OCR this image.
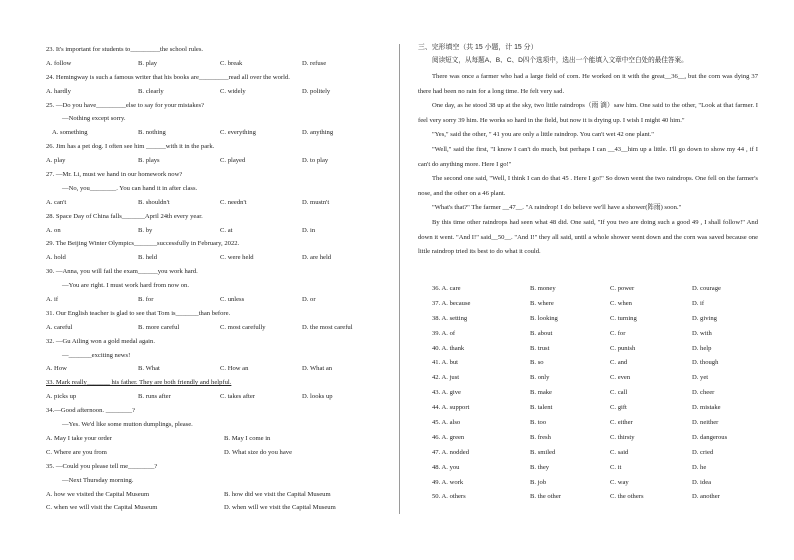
23. It's important for students to_________the school rules.
A. follow	B. play	C. break	D. refuse
24. Hemingway is such a famous writer that his books are_________read all over the world.
A. hardly	B. clearly	C. widely	D. politely
25. —Do you have_________else to say for your mistakes?
—Nothing except sorry.
A. something	B. nothing	C. everything	D. anything
26. Jim has a pet dog. I often see him ______with it in the park.
A. play	B. plays	C. played	D. to play
27. —Mr. Li, must we hand in our homework now?
—No, you________. You can hand it in after class.
A. can't	B. shouldn't	C. needn't	D. mustn't
28. Space Day of China falls_______April 24th every year.
A. on	B. by	C. at	D. in
29. The Beijing Winter Olympics_______successfully in February, 2022.
A. hold	B. held	C. were held	D. are held
30. —Anna, you will fail the exam______you work hard.
—You are right. I must work hard from now on.
A. if	B. for	C. unless	D. or
31. Our English teacher is glad to see that Tom is_______than before.
A. careful	B. more careful	C. most carefully	D. the most careful
32. —Gu Ailing won a gold medal again.
—_______exciting news!
A. How	B. What	C. How an	D. What an
33. Mark really_______ his father. They are both friendly and helpful.
A. picks up	B. runs after	C. takes after	D. looks up
34.—Good afternoon. ________?
—Yes. We'd like some mutton dumplings, please.
A. May I take your order	B. May I come in
C. Where are you from	D. What size do you have
35. —Could you please tell me________?
—Next Thursday morning.
A. how we visited the Capital Museum	B. how did we visit the Capital Museum
C. when we will visit the Capital Museum	D. when will we visit the Capital Museum
三、完形填空（共 15 小题，计 15 分）
阅读短文，从每题A、B、C、D四个选项中，选出一个能填入文章中空白处的最佳答案。

There was once a farmer who had a large field of corn. He worked on it with the great__36__, but the corn was dying 37 there had been no rain for a long time. He felt very sad.

One day, as he stood 38 up at the sky, two little raindrops（雨 滴）saw him. One said to the other, "Look at that farmer. I feel very sorry 39 him. He works so hard in the field, but now it is drying up. I wish I might 40 him."

"Yes," said the other, " 41 you are only a little raindrop. You can't wet 42 one plant."

"Well," said the first, "I know I can't do much, but perhaps I can __43__him up a little. I'll go down to show my 44 , if I can't do anything more. Here I go!"

The second one said, "Well, I think I can do that 45 . Here I go!" So down went the two raindrops. One fell on the farmer's nose, and the other on a 46 plant.

"What's that?" The farmer __47__. "A raindrop! I do believe we'll have a shower(阵雨) soon."

By this time other raindrops had seen what 48 did. One said, "If you two are doing such a good 49 , I shall follow!" And down it went. "And I!" said__50__. "And I!" they all said, until a whole shower went down and the corn was saved because one little raindrop tried its best to do what it could.

36. A. care	B. money	C. power	D. courage
37. A. because	B. where	C. when	D. if
38. A. setting	B. looking	C. turning	D. giving
39. A. of	B. about	C. for	D. with
40. A. thank	B. trust	C. punish	D. help
41. A. but	B. so	C. and	D. though
42. A. just	B. only	C. even	D. yet
43. A. give	B. make	C. call	D. cheer
44. A. support	B. talent	C. gift	D. mistake
45. A. also	B. too	C. either	D. neither
46. A. green	B. fresh	C. thirsty	D. dangerous
47. A. nodded	B. smiled	C. said	D. cried
48. A. you	B. they	C. it	D. he
49. A. work	B. job	C. way	D. idea
50. A. others	B. the other	C. the others	D. another
